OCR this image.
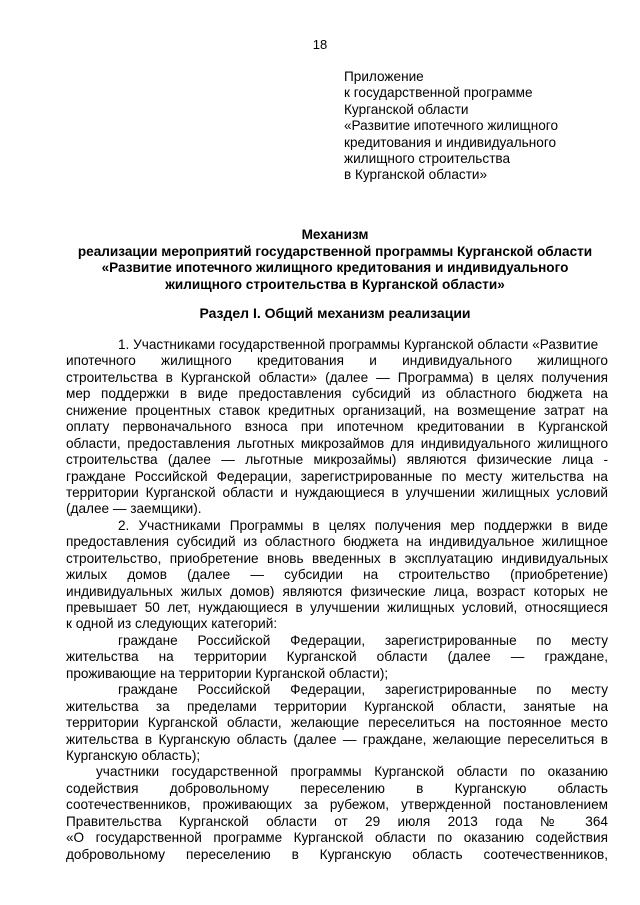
18
Приложение
к государственной программе
Курганской области
«Развитие ипотечного жилищного
кредитования и индивидуального
жилищного строительства
в Курганской области»
Механизм
реализации мероприятий государственной программы Курганской области
«Развитие ипотечного жилищного кредитования и индивидуального
жилищного строительства в Курганской области»
Раздел I. Общий механизм реализации
1. Участниками государственной программы Курганской области «Развитие
ипотечного жилищного кредитования и индивидуального жилищного
строительства в Курганской области» (далее — Программа) в целях получения
мер поддержки в виде предоставления субсидий из областного бюджета на
снижение процентных ставок кредитных организаций, на возмещение затрат на
оплату первоначального взноса при ипотечном кредитовании в Курганской
области, предоставления льготных микрозаймов для индивидуального жилищного
строительства (далее — льготные микрозаймы) являются физические лица -
граждане Российской Федерации, зарегистрированные по месту жительства на
территории Курганской области и нуждающиеся в улучшении жилищных условий
(далее — заемщики).
2. Участниками Программы в целях получения мер поддержки в виде
предоставления субсидий из областного бюджета на индивидуальное жилищное
строительство, приобретение вновь введенных в эксплуатацию индивидуальных
жилых домов (далее — субсидии на строительство (приобретение)
индивидуальных жилых домов) являются физические лица, возраст которых не
превышает 50 лет, нуждающиеся в улучшении жилищных условий, относящиеся
к одной из следующих категорий:
граждане Российской Федерации, зарегистрированные по месту
жительства на территории Курганской области (далее — граждане,
проживающие на территории Курганской области);
граждане Российской Федерации, зарегистрированные по месту
жительства за пределами территории Курганской области, занятые на
территории Курганской области, желающие переселиться на постоянное место
жительства в Курганскую область (далее — граждане, желающие переселиться в
Курганскую область);
участники государственной программы Курганской области по оказанию
содействия добровольному переселению в Курганскую область
соотечественников, проживающих за рубежом, утвержденной постановлением
Правительства Курганской области от 29 июля 2013 года № 364
«О государственной программе Курганской области по оказанию содействия
добровольному переселению в Курганскую область соотечественников,
